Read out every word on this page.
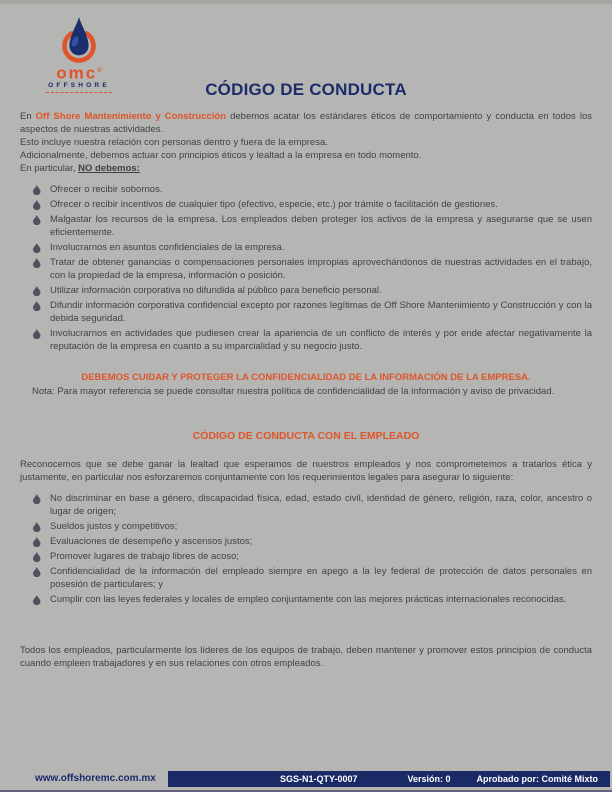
omc®
OFFSHORE	CÓDIGO DE CONDUCTA

En Off Shore Mantenimiento y Construcción debemos acatar los estándares éticos de comportamiento y conducta en todos los aspectos de nuestras actividades.

Esto incluye nuestra relación con personas dentro y fuera de la empresa.

Adicionalmente, debemos actuar con principios éticos y lealtad a la empresa en todo momento.

En particular, NO debemos:

Ofrecer o recibir sobornos.
Ofrecer o recibir incentivos de cualquier tipo (efectivo, especie, etc.) por trámite o facilitación de gestiones.
Malgastar los recursos de la empresa. Los empleados deben proteger los activos de la empresa y asegurarse que se usen eficientemente.
Involucrarnos en asuntos confidenciales de la empresa.
Tratar de obtener ganancias o compensaciones personales impropias aprovechándonos de nuestras actividades en el trabajo, con la propiedad de la empresa, información o posición.
Utilizar información corporativa no difundida al público para beneficio personal.
Difundir información corporativa confidencial excepto por razones legítimas de Off Shore Mantenimiento y Construcción y con la debida seguridad.
Involucrarnos en actividades que pudiesen crear la apariencia de un conflicto de interés y por ende afectar negativamente la reputación de la empresa en cuanto a su imparcialidad y su negocio justo.

DEBEMOS CUIDAR Y PROTEGER LA CONFIDENCIALIDAD DE LA INFORMACIÓN DE LA EMPRESA.

Nota: Para mayor referencia se puede consultar nuestra política de confidencialidad de la información y aviso de privacidad.

CÓDIGO DE CONDUCTA CON EL EMPLEADO

Reconocemos que se debe ganar la lealtad que esperamos de nuestros empleados y nos comprometemos a tratarlos ética y justamente, en particular nos esforzaremos conjuntamente con los requerimientos legales para asegurar lo siguiente:

No discriminar en base a género, discapacidad física, edad, estado civil, identidad de género, religión, raza, color, ancestro o lugar de origen;
Sueldos justos y competitivos;
Evaluaciones de desempeño y ascensos justos;
Promover lugares de trabajo libres de acoso;
Confidencialidad de la información del empleado siempre en apego a la ley federal de protección de datos personales en posesión de particulares; y
Cumplir con las leyes federales y locales de empleo conjuntamente con las mejores prácticas internacionales reconocidas.

Todos los empleados, particularmente los líderes de los equipos de trabajo, deben mantener y promover estos principios de conducta cuando empleen trabajadores y en sus relaciones con otros empleados.

www.offshoremc.com.mx	SGS-N1-QTY-0007	Versión: 0	Aprobado por: Comité Mixto
